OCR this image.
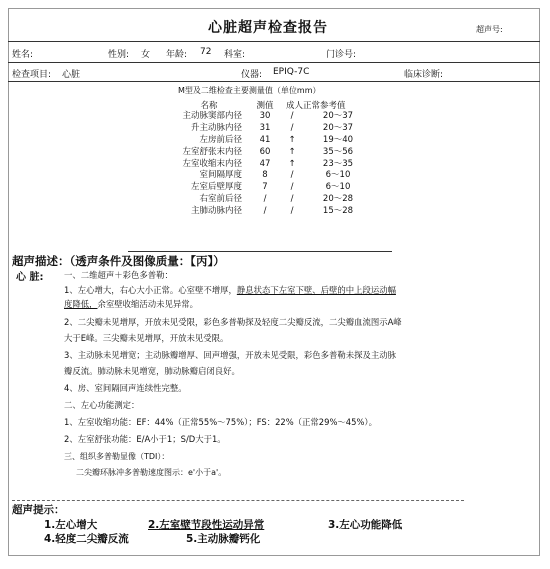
心脏超声检查报告	超声号:
姓名:	性别: 女 年龄: 72 科室:	门诊号:
检查项目: 心脏	仪器: EPIQ-7C	临床诊断:
M型及二维检查主要测量值（单位mm）
名称	测值	成人正常参考值	
主动脉窦部内径	30	/	20～37
升主动脉内径	31	/	20～37
左房前后径	41	↑	19～40
左室舒张末内径	60	↑	35～56
左室收缩末内径	47	↑	23～35
室间隔厚度	8	/	6～10
左室后壁厚度	7	/	6～10
右室前后径	/	/	20～28
主肺动脉内径	/	/	15～28
超声描述：（透声条件及图像质量：【丙】）
心 脏: 一、二维超声＋彩色多普勒：
1、左心增大，右心大小正常。心室壁不增厚，静息状态下左室下壁、后壁的中上段运动幅
度降低，余室壁收缩活动未见异常。
2、二尖瓣未见增厚，开放未见受限，彩色多普勒探及轻度二尖瓣反流，二尖瓣血流图示A峰
大于E峰。三尖瓣未见增厚，开放未见受限。
3、主动脉未见增宽；主动脉瓣增厚、回声增强，开放未见受限，彩色多普勒未探及主动脉
瓣反流。肺动脉未见增宽，肺动脉瓣启闭良好。
4、房、室间隔回声连续性完整。
二、左心功能测定：
1、左室收缩功能：EF：44%（正常55%～75%）；FS：22%（正常29%～45%）。
2、左室舒张功能：E/A小于1；S/D大于1。
三、组织多普勒显像（TDI）：
二尖瓣环脉冲多普勒速度图示：e'小于a'。
超声提示：
1.左心增大	2.左室壁节段性运动异常	3.左心功能降低
4.轻度二尖瓣反流	5.主动脉瓣钙化
